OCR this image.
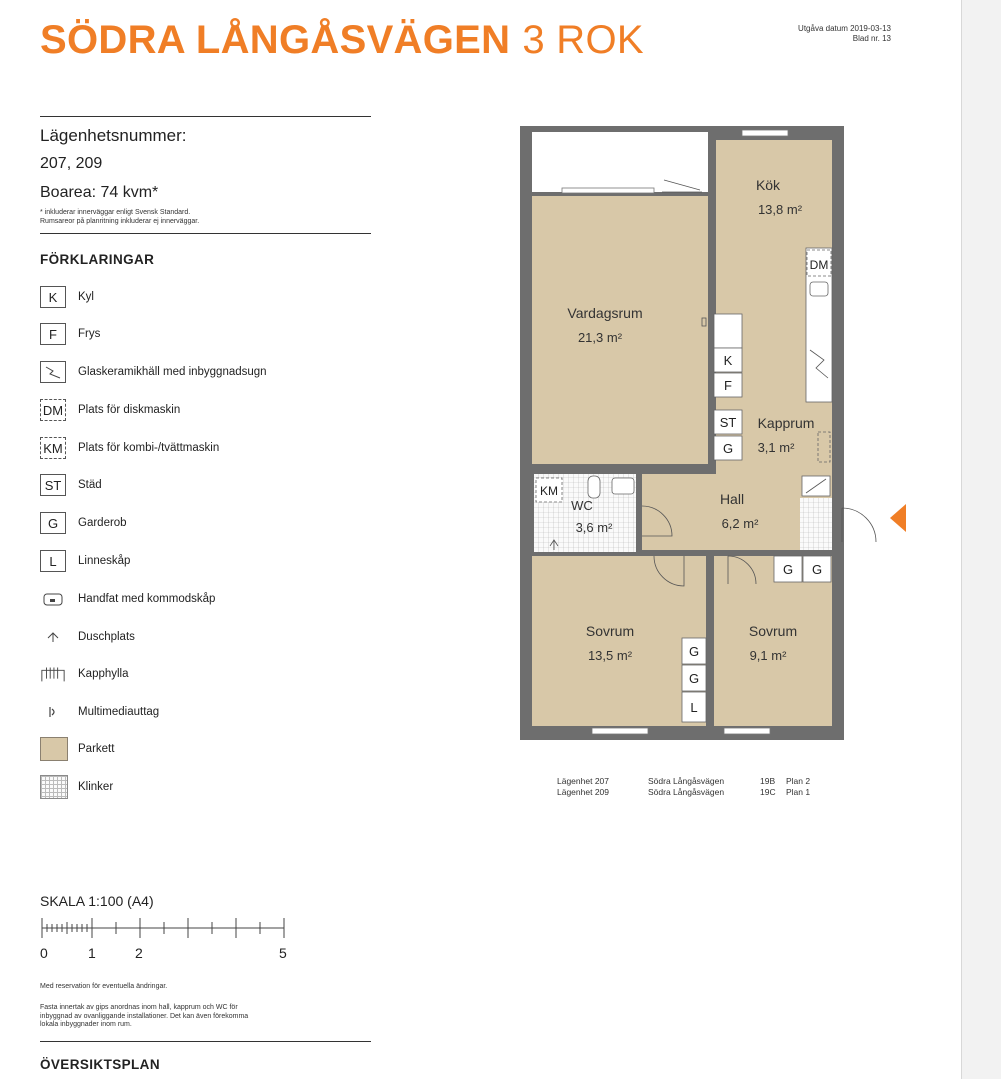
SÖDRA LÅNGÅSVÄGEN 3 ROK	Utgåva datum 2019-03-13
Blad nr. 13
Lägenhetsnummer:
207, 209
Boarea: 74 kvm*
* inkluderar innerväggar enligt Svensk Standard.
Rumsareor på planritning inkluderar ej innerväggar.
FÖRKLARINGAR
K	Kyl
F	Frys
Glaskeramikhäll med inbyggnadsugn
DM Plats för diskmaskin
KM Plats för kombi-/tvättmaskin
ST	Städ
G	Garderob
L	Linneskåp
Handfat med kommodskåp
Duschplats
Kapphylla
Multimediauttag
Parkett
Klinker
SKALA 1:100 (A4)
0	1	2	5
Med reservation för eventuella ändringar.
Fasta innertak av gips anordnas inom hall, kapprum och WC för
inbyggnad av ovanliggande installationer. Det kan även förekomma
lokala inbyggnader inom rum.
ÖVERSIKTSPLAN
DM
K
F
ST
G
KM
G G
G
G
L
Vardagsrum
21,3 m²
Kök
13,8 m²
Kapprum
3,1 m²
Hall
6,2 m²
WC
3,6 m²
Sovrum
13,5 m²
Sovrum
9,1 m²
Lägenhet 207	Södra Långåsvägen	19B Plan 2
Lägenhet 209	Södra Långåsvägen	19C Plan 1
